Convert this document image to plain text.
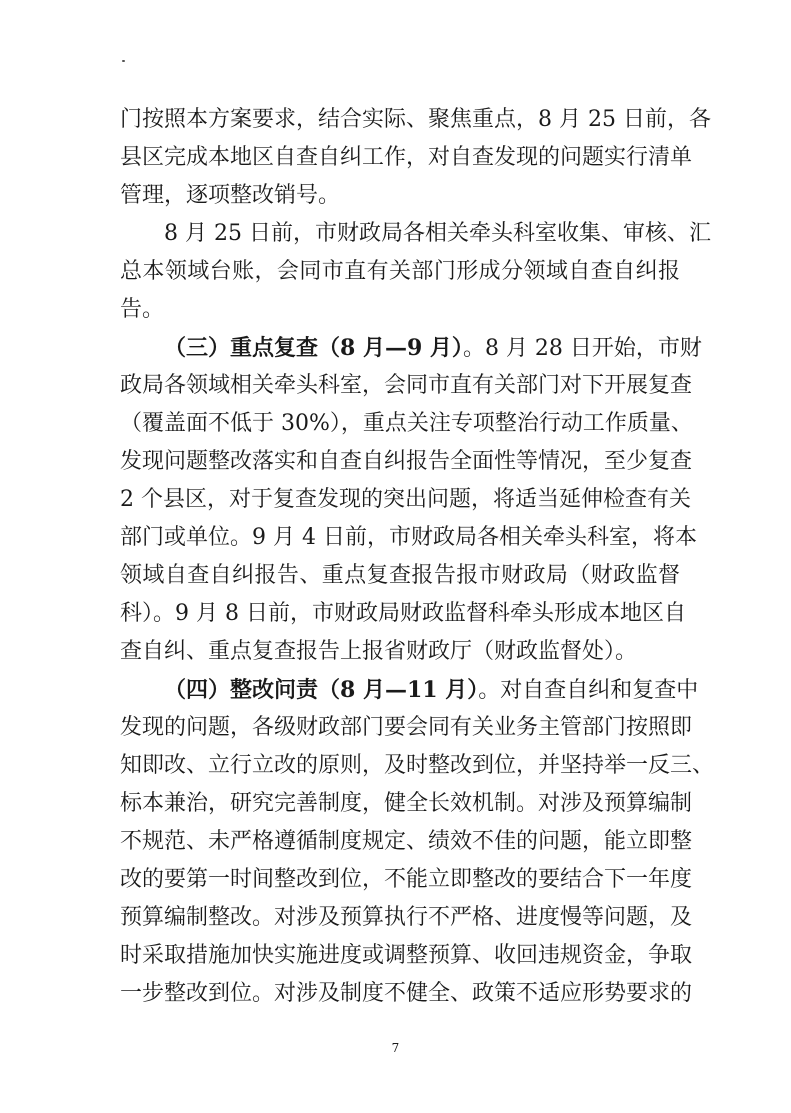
门按照本方案要求，结合实际、聚焦重点，8 月 25 日前，各
县区完成本地区自查自纠工作，对自查发现的问题实行清单
管理，逐项整改销号。
8 月 25 日前，市财政局各相关牵头科室收集、审核、汇
总本领域台账，会同市直有关部门形成分领域自查自纠报
告。
（三）重点复查（8 月—9 月）。8 月 28 日开始，市财
政局各领域相关牵头科室，会同市直有关部门对下开展复查
（覆盖面不低于 30%），重点关注专项整治行动工作质量、
发现问题整改落实和自查自纠报告全面性等情况，至少复查
2 个县区，对于复查发现的突出问题，将适当延伸检查有关
部门或单位。9 月 4 日前，市财政局各相关牵头科室，将本
领域自查自纠报告、重点复查报告报市财政局（财政监督
科）。9 月 8 日前，市财政局财政监督科牵头形成本地区自
查自纠、重点复查报告上报省财政厅（财政监督处）。
（四）整改问责（8 月—11 月）。对自查自纠和复查中
发现的问题，各级财政部门要会同有关业务主管部门按照即
知即改、立行立改的原则，及时整改到位，并坚持举一反三、
标本兼治，研究完善制度，健全长效机制。对涉及预算编制
不规范、未严格遵循制度规定、绩效不佳的问题，能立即整
改的要第一时间整改到位，不能立即整改的要结合下一年度
预算编制整改。对涉及预算执行不严格、进度慢等问题，及
时采取措施加快实施进度或调整预算、收回违规资金，争取
一步整改到位。对涉及制度不健全、政策不适应形势要求的
7
